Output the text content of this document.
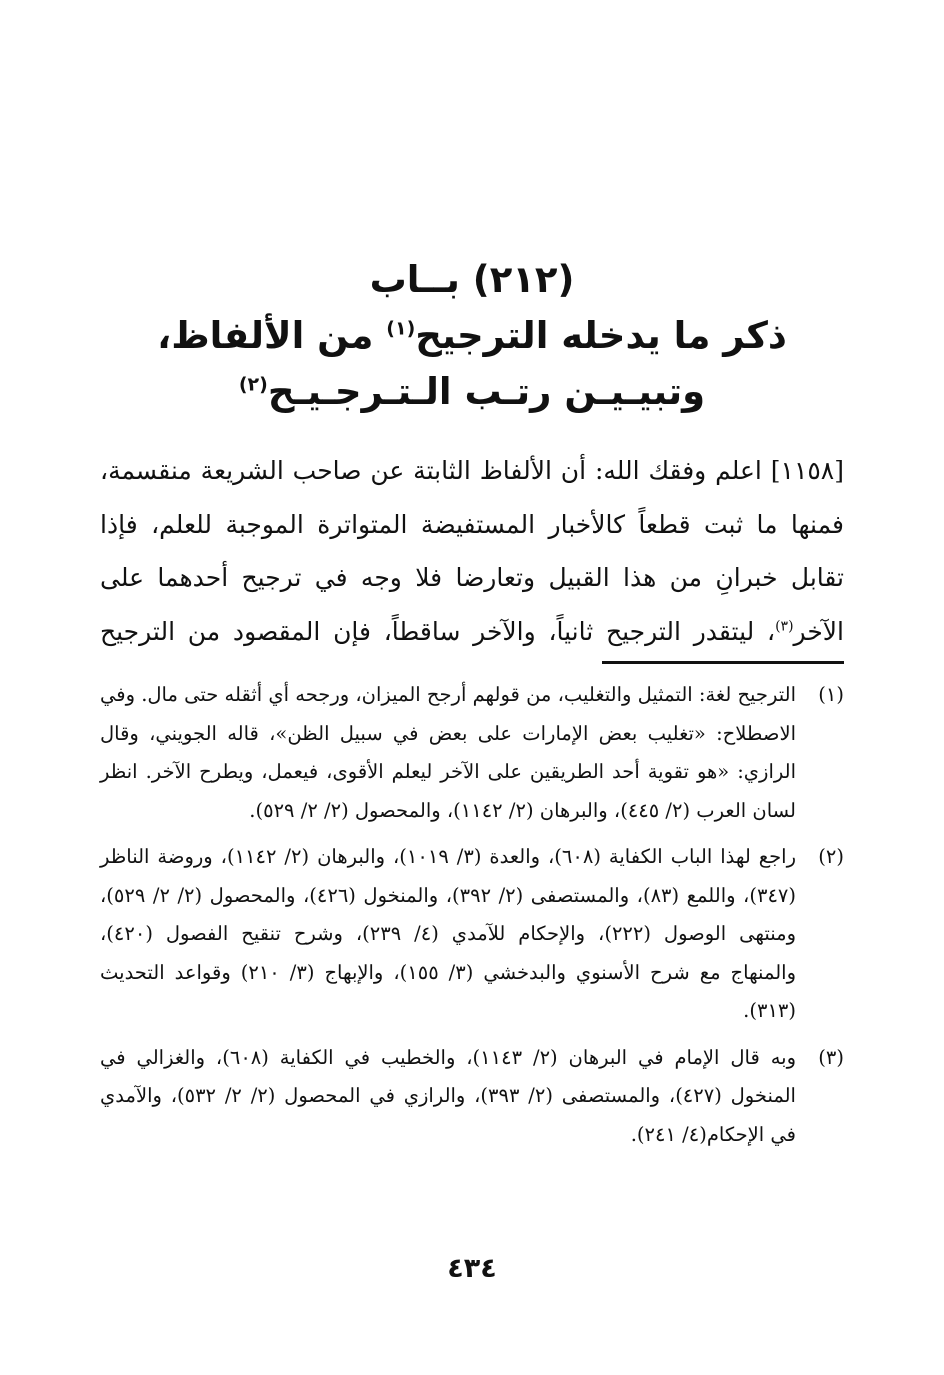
(٢١٢) بــاب
ذكر ما يدخله الترجيح$^{(١)}$ من الألفاظ،
وتبيـيـن رتـب الـتـرجـيـح$^{(٢)}$
[١١٥٨] اعلم وفقك الله: أن الألفاظ الثابتة عن صاحب الشريعة منقسمة، فمنها ما ثبت قطعاً كالأخبار المستفيضة المتواترة الموجبة للعلم، فإذا تقابل خبرانِ من هذا القبيل وتعارضا فلا وجه في ترجيح أحدهما على الآخر$^{(٣)}$، ليتقدر الترجيح ثانياً، والآخر ساقطاً، فإن المقصود من الترجيح
(١)
الترجيح لغة: التمثيل والتغليب، من قولهم أرجح الميزان، ورجحه أي أثقله حتى مال. وفي الاصطلاح: «تغليب بعض الإمارات على بعض في سبيل الظن»، قاله الجويني، وقال الرازي: «هو تقوية أحد الطريقين على الآخر ليعلم الأقوى، فيعمل، ويطرح الآخر. انظر لسان العرب (٢/ ٤٤٥)، والبرهان (٢/ ١١٤٢)، والمحصول (٢/ ٢/ ٥٢٩).
(٢)
راجع لهذا الباب الكفاية (٦٠٨)، والعدة (٣/ ١٠١٩)، والبرهان (٢/ ١١٤٢)، وروضة الناظر (٣٤٧)، واللمع (٨٣)، والمستصفى (٢/ ٣٩٢)، والمنخول (٤٢٦)، والمحصول (٢/ ٢/ ٥٢٩)، ومنتهى الوصول (٢٢٢)، والإحكام للآمدي (٤/ ٢٣٩)، وشرح تنقيح الفصول (٤٢٠)، والمنهاج مع شرح الأسنوي والبدخشي (٣/ ١٥٥)، والإبهاج (٣/ ٢١٠) وقواعد التحديث (٣١٣).
(٣)
وبه قال الإمام في البرهان (٢/ ١١٤٣)، والخطيب في الكفاية (٦٠٨)، والغزالي في المنخول (٤٢٧)، والمستصفى (٢/ ٣٩٣)، والرازي في المحصول (٢/ ٢/ ٥٣٢)، والآمدي في الإحكام(٤/ ٢٤١).
٤٣٤
